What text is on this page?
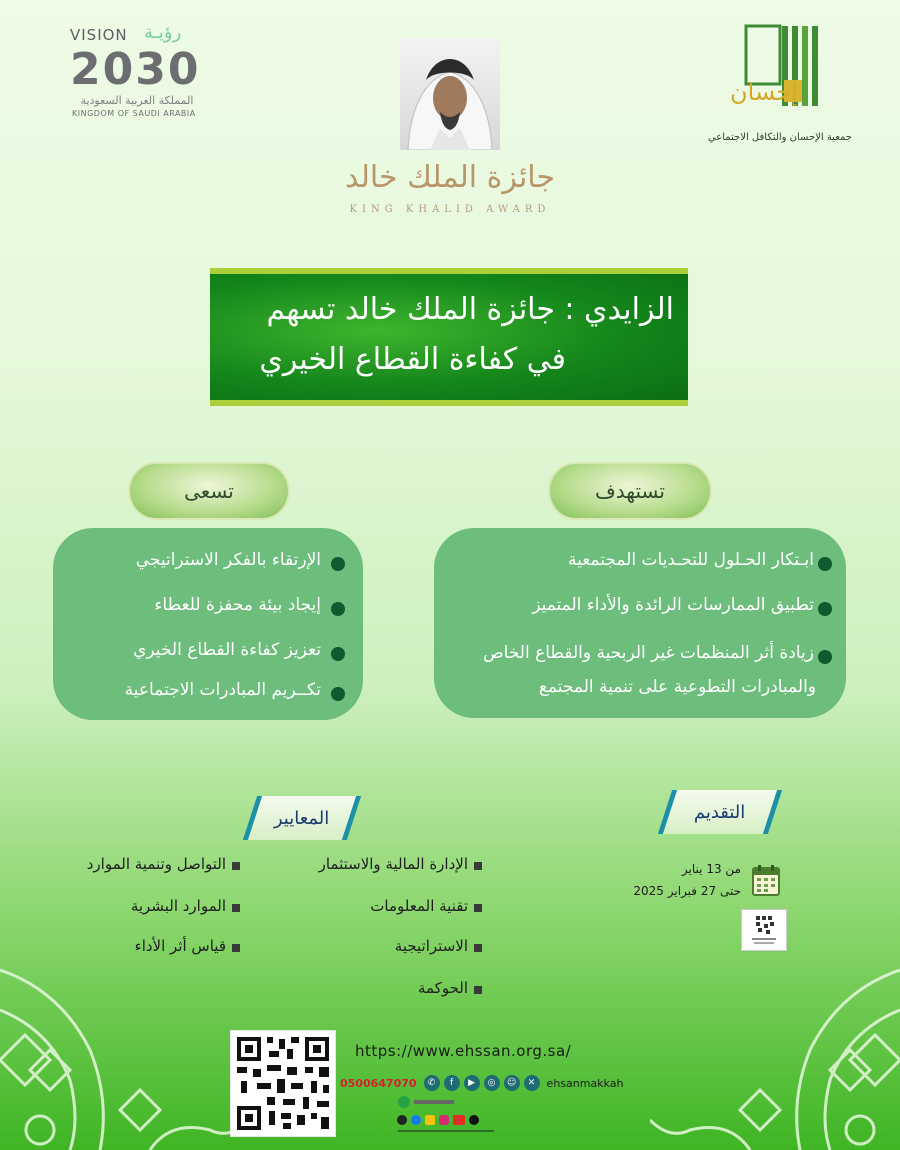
VISION رؤيـة
2030
المملكة العربية السعودية
KINGDOM OF SAUDI ARABIA
جائزة الملك خالد
KING KHALID AWARD
إحسان
جمعية الإحسان والتكافل الاجتماعي
الزايدي : جائزة الملك خالد تسهم
في كفاءة القطاع الخيري
تسعى	تستهدف
الإرتقاء بالفكر الاستراتيجي
إيجاد بيئة محفزة للعطاء
تعزيز كفاءة القطاع الخيري
تكــريم المبادرات الاجتماعية
ابـتكار الحـلول للتحـديات المجتمعية
تطبيق الممارسات الرائدة والأداء المتميز
زيادة أثر المنظمات غير الربحية والقطاع الخاص
والمبادرات التطوعية على تنمية المجتمع
المعايير	التقديم
الإدارة المالية والاستثمار
تقنية المعلومات
الاستراتيجية
الحوكمة
التواصل وتنمية الموارد
الموارد البشرية
قياس أثر الأداء
من 13 يناير
حتى 27 فبراير 2025
https://www.ehssan.org.sa/
0500647070	✆	f	▶	◎	☺	✕	ehsanmakkah
